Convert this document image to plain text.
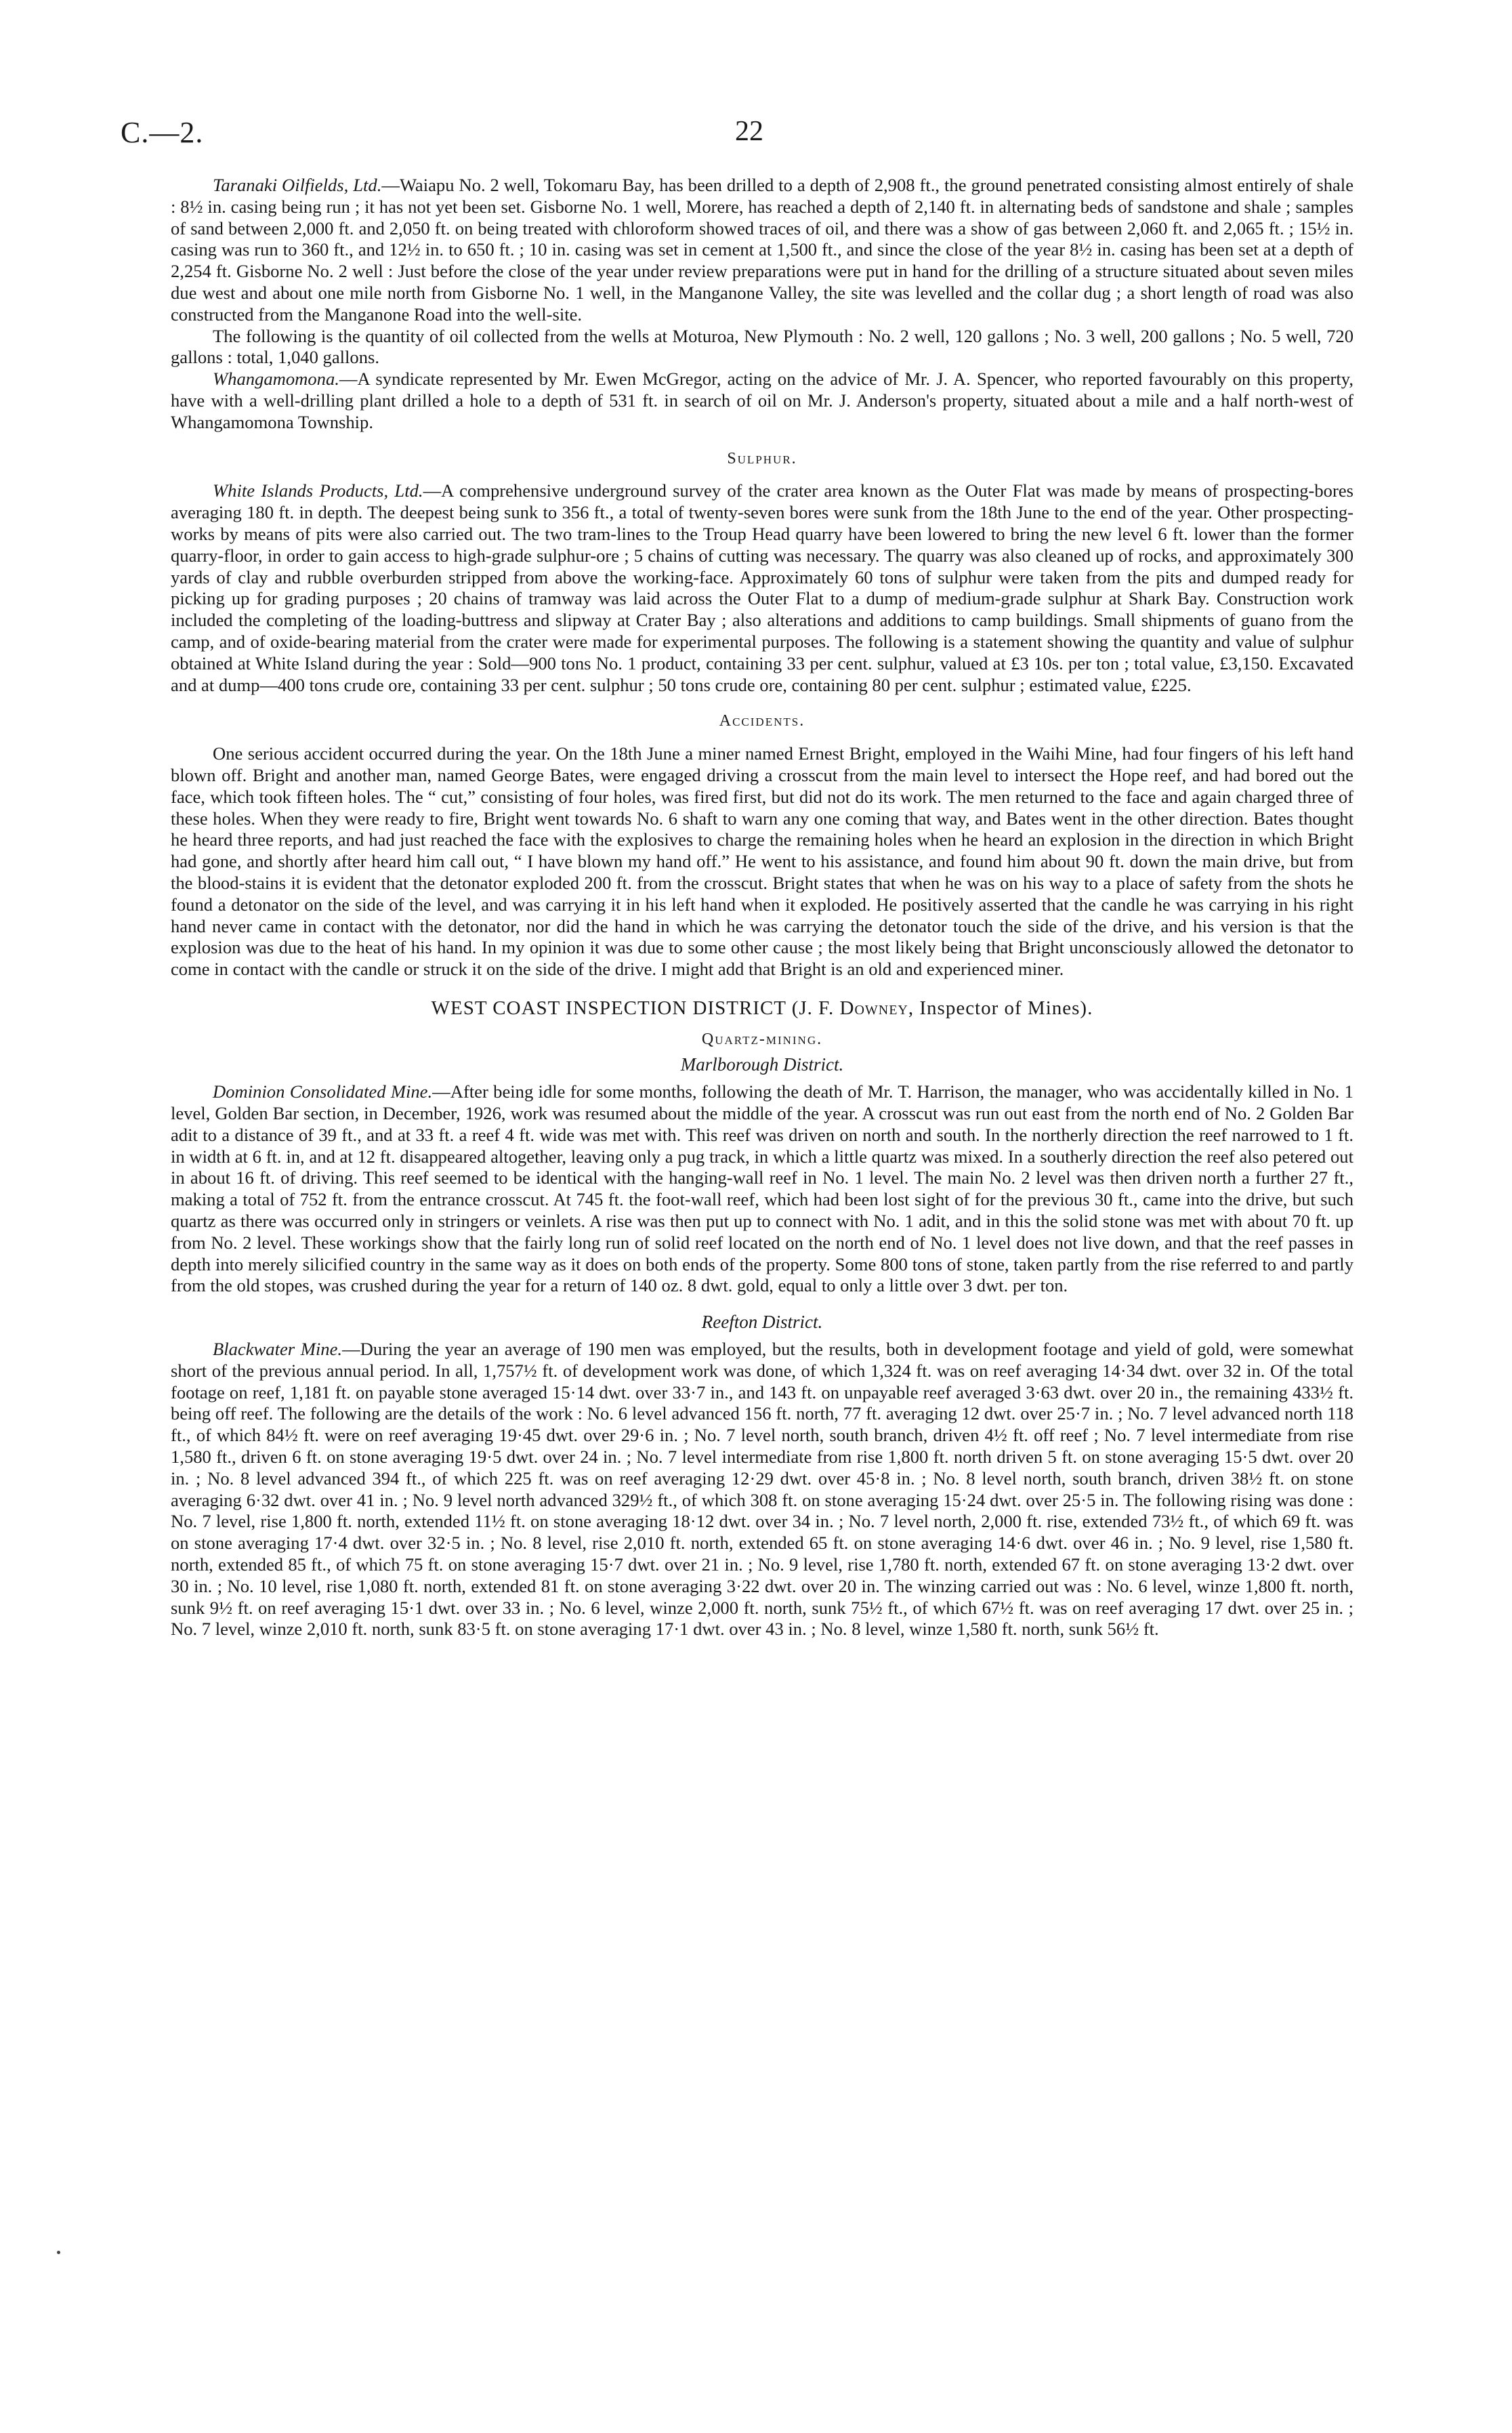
C.—2.	22

Taranaki Oilfields, Ltd.—Waiapu No. 2 well, Tokomaru Bay, has been drilled to a depth of 2,908 ft., the ground penetrated consisting almost entirely of shale : 8½ in. casing being run ; it has not yet been set. Gisborne No. 1 well, Morere, has reached a depth of 2,140 ft. in alternating beds of sandstone and shale ; samples of sand between 2,000 ft. and 2,050 ft. on being treated with chloroform showed traces of oil, and there was a show of gas between 2,060 ft. and 2,065 ft. ; 15½ in. casing was run to 360 ft., and 12½ in. to 650 ft. ; 10 in. casing was set in cement at 1,500 ft., and since the close of the year 8½ in. casing has been set at a depth of 2,254 ft. Gisborne No. 2 well : Just before the close of the year under review preparations were put in hand for the drilling of a structure situated about seven miles due west and about one mile north from Gisborne No. 1 well, in the Manganone Valley, the site was levelled and the collar dug ; a short length of road was also constructed from the Manganone Road into the well-site.

The following is the quantity of oil collected from the wells at Moturoa, New Plymouth : No. 2 well, 120 gallons ; No. 3 well, 200 gallons ; No. 5 well, 720 gallons : total, 1,040 gallons.

Whangamomona.—A syndicate represented by Mr. Ewen McGregor, acting on the advice of Mr. J. A. Spencer, who reported favourably on this property, have with a well-drilling plant drilled a hole to a depth of 531 ft. in search of oil on Mr. J. Anderson's property, situated about a mile and a half north-west of Whangamomona Township.

Sulphur.

White Islands Products, Ltd.—A comprehensive underground survey of the crater area known as the Outer Flat was made by means of prospecting-bores averaging 180 ft. in depth. The deepest being sunk to 356 ft., a total of twenty-seven bores were sunk from the 18th June to the end of the year. Other prospecting-works by means of pits were also carried out. The two tram-lines to the Troup Head quarry have been lowered to bring the new level 6 ft. lower than the former quarry-floor, in order to gain access to high-grade sulphur-ore ; 5 chains of cutting was necessary. The quarry was also cleaned up of rocks, and approximately 300 yards of clay and rubble overburden stripped from above the working-face. Approximately 60 tons of sulphur were taken from the pits and dumped ready for picking up for grading purposes ; 20 chains of tramway was laid across the Outer Flat to a dump of medium-grade sulphur at Shark Bay. Construction work included the completing of the loading-buttress and slipway at Crater Bay ; also alterations and additions to camp buildings. Small shipments of guano from the camp, and of oxide-bearing material from the crater were made for experimental purposes. The following is a statement showing the quantity and value of sulphur obtained at White Island during the year : Sold—900 tons No. 1 product, containing 33 per cent. sulphur, valued at £3 10s. per ton ; total value, £3,150. Excavated and at dump—400 tons crude ore, containing 33 per cent. sulphur ; 50 tons crude ore, containing 80 per cent. sulphur ; estimated value, £225.

Accidents.

One serious accident occurred during the year. On the 18th June a miner named Ernest Bright, employed in the Waihi Mine, had four fingers of his left hand blown off. Bright and another man, named George Bates, were engaged driving a crosscut from the main level to intersect the Hope reef, and had bored out the face, which took fifteen holes. The “ cut,” consisting of four holes, was fired first, but did not do its work. The men returned to the face and again charged three of these holes. When they were ready to fire, Bright went towards No. 6 shaft to warn any one coming that way, and Bates went in the other direction. Bates thought he heard three reports, and had just reached the face with the explosives to charge the remaining holes when he heard an explosion in the direction in which Bright had gone, and shortly after heard him call out, “ I have blown my hand off.” He went to his assistance, and found him about 90 ft. down the main drive, but from the blood-stains it is evident that the detonator exploded 200 ft. from the crosscut. Bright states that when he was on his way to a place of safety from the shots he found a detonator on the side of the level, and was carrying it in his left hand when it exploded. He positively asserted that the candle he was carrying in his right hand never came in contact with the detonator, nor did the hand in which he was carrying the detonator touch the side of the drive, and his version is that the explosion was due to the heat of his hand. In my opinion it was due to some other cause ; the most likely being that Bright unconsciously allowed the detonator to come in contact with the candle or struck it on the side of the drive. I might add that Bright is an old and experienced miner.

WEST COAST INSPECTION DISTRICT (J. F. Downey, Inspector of Mines).
Quartz-mining.
Marlborough District.

Dominion Consolidated Mine.—After being idle for some months, following the death of Mr. T. Harrison, the manager, who was accidentally killed in No. 1 level, Golden Bar section, in December, 1926, work was resumed about the middle of the year. A crosscut was run out east from the north end of No. 2 Golden Bar adit to a distance of 39 ft., and at 33 ft. a reef 4 ft. wide was met with. This reef was driven on north and south. In the northerly direction the reef narrowed to 1 ft. in width at 6 ft. in, and at 12 ft. disappeared altogether, leaving only a pug track, in which a little quartz was mixed. In a southerly direction the reef also petered out in about 16 ft. of driving. This reef seemed to be identical with the hanging-wall reef in No. 1 level. The main No. 2 level was then driven north a further 27 ft., making a total of 752 ft. from the entrance crosscut. At 745 ft. the foot-wall reef, which had been lost sight of for the previous 30 ft., came into the drive, but such quartz as there was occurred only in stringers or veinlets. A rise was then put up to connect with No. 1 adit, and in this the solid stone was met with about 70 ft. up from No. 2 level. These workings show that the fairly long run of solid reef located on the north end of No. 1 level does not live down, and that the reef passes in depth into merely silicified country in the same way as it does on both ends of the property. Some 800 tons of stone, taken partly from the rise referred to and partly from the old stopes, was crushed during the year for a return of 140 oz. 8 dwt. gold, equal to only a little over 3 dwt. per ton.

Reefton District.

Blackwater Mine.—During the year an average of 190 men was employed, but the results, both in development footage and yield of gold, were somewhat short of the previous annual period. In all, 1,757½ ft. of development work was done, of which 1,324 ft. was on reef averaging 14·34 dwt. over 32 in. Of the total footage on reef, 1,181 ft. on payable stone averaged 15·14 dwt. over 33·7 in., and 143 ft. on unpayable reef averaged 3·63 dwt. over 20 in., the remaining 433½ ft. being off reef. The following are the details of the work : No. 6 level advanced 156 ft. north, 77 ft. averaging 12 dwt. over 25·7 in. ; No. 7 level advanced north 118 ft., of which 84½ ft. were on reef averaging 19·45 dwt. over 29·6 in. ; No. 7 level north, south branch, driven 4½ ft. off reef ; No. 7 level intermediate from rise 1,580 ft., driven 6 ft. on stone averaging 19·5 dwt. over 24 in. ; No. 7 level intermediate from rise 1,800 ft. north driven 5 ft. on stone averaging 15·5 dwt. over 20 in. ; No. 8 level advanced 394 ft., of which 225 ft. was on reef averaging 12·29 dwt. over 45·8 in. ; No. 8 level north, south branch, driven 38½ ft. on stone averaging 6·32 dwt. over 41 in. ; No. 9 level north advanced 329½ ft., of which 308 ft. on stone averaging 15·24 dwt. over 25·5 in. The following rising was done : No. 7 level, rise 1,800 ft. north, extended 11½ ft. on stone averaging 18·12 dwt. over 34 in. ; No. 7 level north, 2,000 ft. rise, extended 73½ ft., of which 69 ft. was on stone averaging 17·4 dwt. over 32·5 in. ; No. 8 level, rise 2,010 ft. north, extended 65 ft. on stone averaging 14·6 dwt. over 46 in. ; No. 9 level, rise 1,580 ft. north, extended 85 ft., of which 75 ft. on stone averaging 15·7 dwt. over 21 in. ; No. 9 level, rise 1,780 ft. north, extended 67 ft. on stone averaging 13·2 dwt. over 30 in. ; No. 10 level, rise 1,080 ft. north, extended 81 ft. on stone averaging 3·22 dwt. over 20 in. The winzing carried out was : No. 6 level, winze 1,800 ft. north, sunk 9½ ft. on reef averaging 15·1 dwt. over 33 in. ; No. 6 level, winze 2,000 ft. north, sunk 75½ ft., of which 67½ ft. was on reef averaging 17 dwt. over 25 in. ; No. 7 level, winze 2,010 ft. north, sunk 83·5 ft. on stone averaging 17·1 dwt. over 43 in. ; No. 8 level, winze 1,580 ft. north, sunk 56½ ft.
